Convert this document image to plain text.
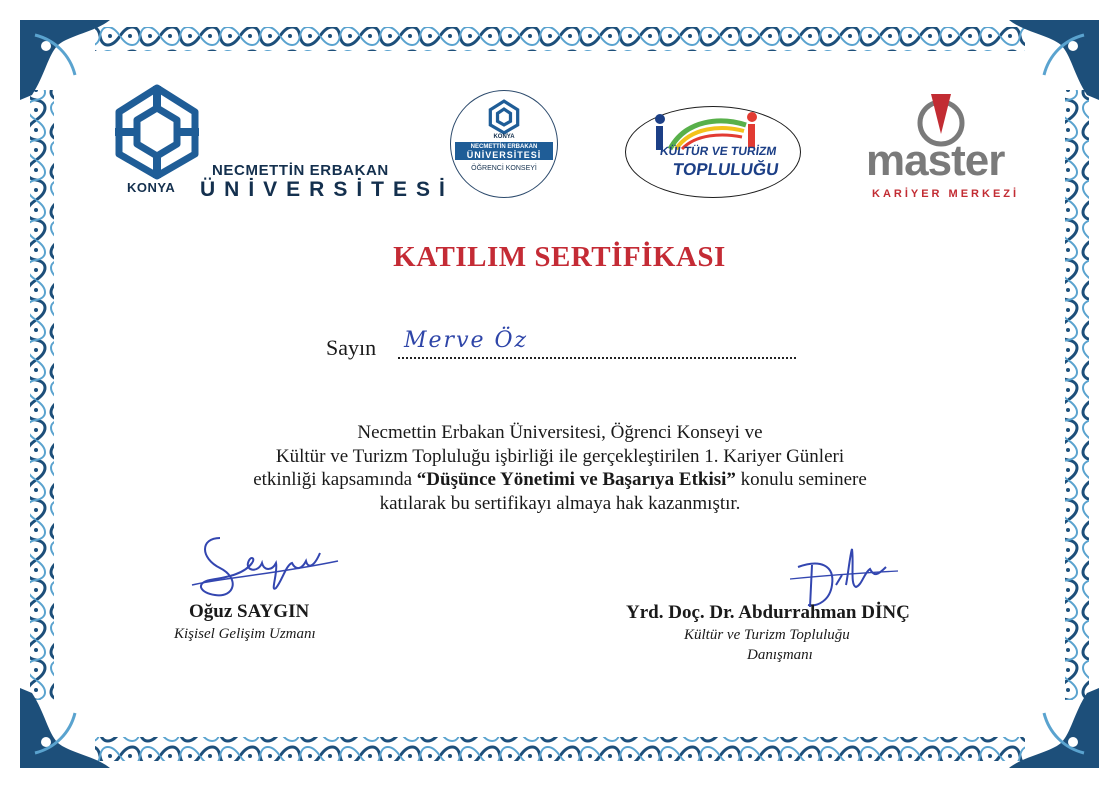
KONYA
NECMETTİN ERBAKAN
ÜNİVERSİTESİ
KONYA
NECMETTİN ERBAKAN
ÜNİVERSİTESİ
ÖĞRENCİ KONSEYİ
KÜLTÜR VE TURİZM
TOPLULUĞU master
KARİYER MERKEZİ
KATILIM SERTİFİKASI
Sayın Merve Öz
Necmettin Erbakan Üniversitesi, Öğrenci Konseyi ve
Kültür ve Turizm Topluluğu işbirliği ile gerçekleştirilen 1. Kariyer Günleri
etkinliği kapsamında “Düşünce Yönetimi ve Başarıya Etkisi” konulu seminere
katılarak bu sertifikayı almaya hak kazanmıştır.
Oğuz SAYGIN
Kişisel Gelişim Uzmanı
Yrd. Doç. Dr. Abdurrahman DİNÇ
Kültür ve Turizm Topluluğu
Danışmanı
